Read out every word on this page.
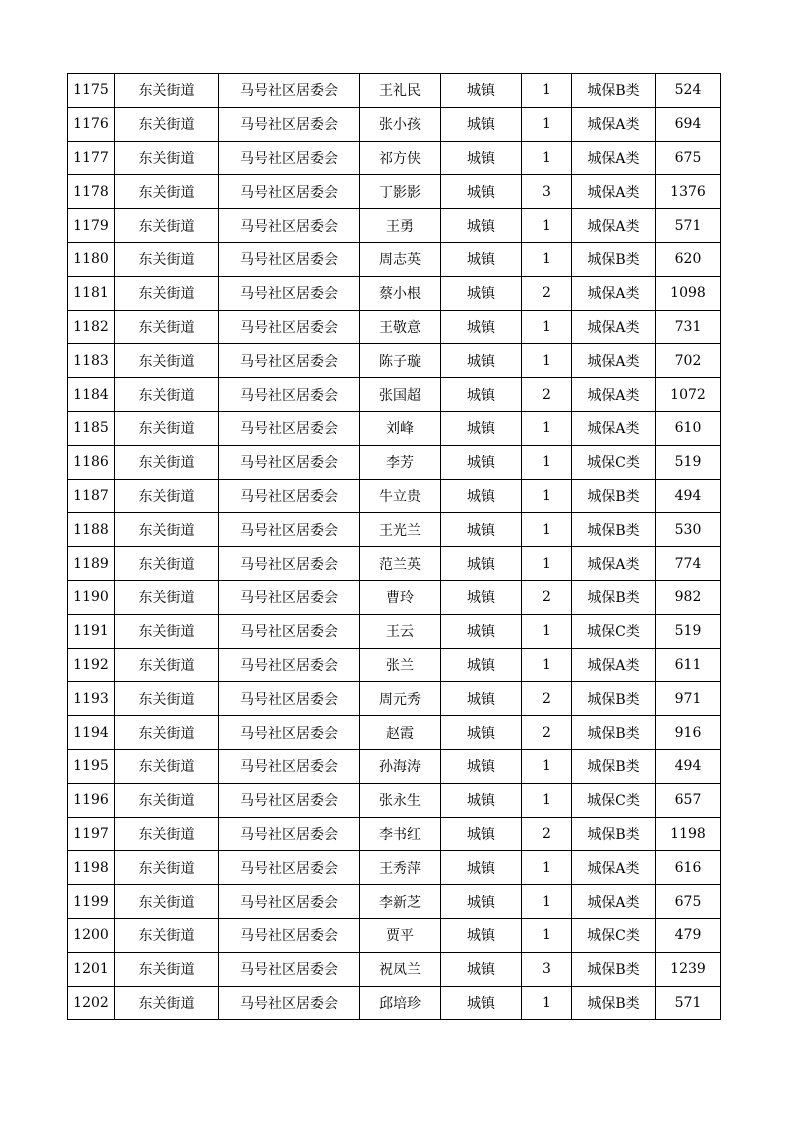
1175	东关街道	马号社区居委会	王礼民	城镇	1	城保B类	524
1176	东关街道	马号社区居委会	张小孩	城镇	1	城保A类	694
1177	东关街道	马号社区居委会	祁方侠	城镇	1	城保A类	675
1178	东关街道	马号社区居委会	丁影影	城镇	3	城保A类	1376
1179	东关街道	马号社区居委会	王勇	城镇	1	城保A类	571
1180	东关街道	马号社区居委会	周志英	城镇	1	城保B类	620
1181	东关街道	马号社区居委会	蔡小根	城镇	2	城保A类	1098
1182	东关街道	马号社区居委会	王敬意	城镇	1	城保A类	731
1183	东关街道	马号社区居委会	陈子璇	城镇	1	城保A类	702
1184	东关街道	马号社区居委会	张国超	城镇	2	城保A类	1072
1185	东关街道	马号社区居委会	刘峰	城镇	1	城保A类	610
1186	东关街道	马号社区居委会	李芳	城镇	1	城保C类	519
1187	东关街道	马号社区居委会	牛立贵	城镇	1	城保B类	494
1188	东关街道	马号社区居委会	王光兰	城镇	1	城保B类	530
1189	东关街道	马号社区居委会	范兰英	城镇	1	城保A类	774
1190	东关街道	马号社区居委会	曹玲	城镇	2	城保B类	982
1191	东关街道	马号社区居委会	王云	城镇	1	城保C类	519
1192	东关街道	马号社区居委会	张兰	城镇	1	城保A类	611
1193	东关街道	马号社区居委会	周元秀	城镇	2	城保B类	971
1194	东关街道	马号社区居委会	赵霞	城镇	2	城保B类	916
1195	东关街道	马号社区居委会	孙海涛	城镇	1	城保B类	494
1196	东关街道	马号社区居委会	张永生	城镇	1	城保C类	657
1197	东关街道	马号社区居委会	李书红	城镇	2	城保B类	1198
1198	东关街道	马号社区居委会	王秀萍	城镇	1	城保A类	616
1199	东关街道	马号社区居委会	李新芝	城镇	1	城保A类	675
1200	东关街道	马号社区居委会	贾平	城镇	1	城保C类	479
1201	东关街道	马号社区居委会	祝凤兰	城镇	3	城保B类	1239
1202	东关街道	马号社区居委会	邱培珍	城镇	1	城保B类	571
